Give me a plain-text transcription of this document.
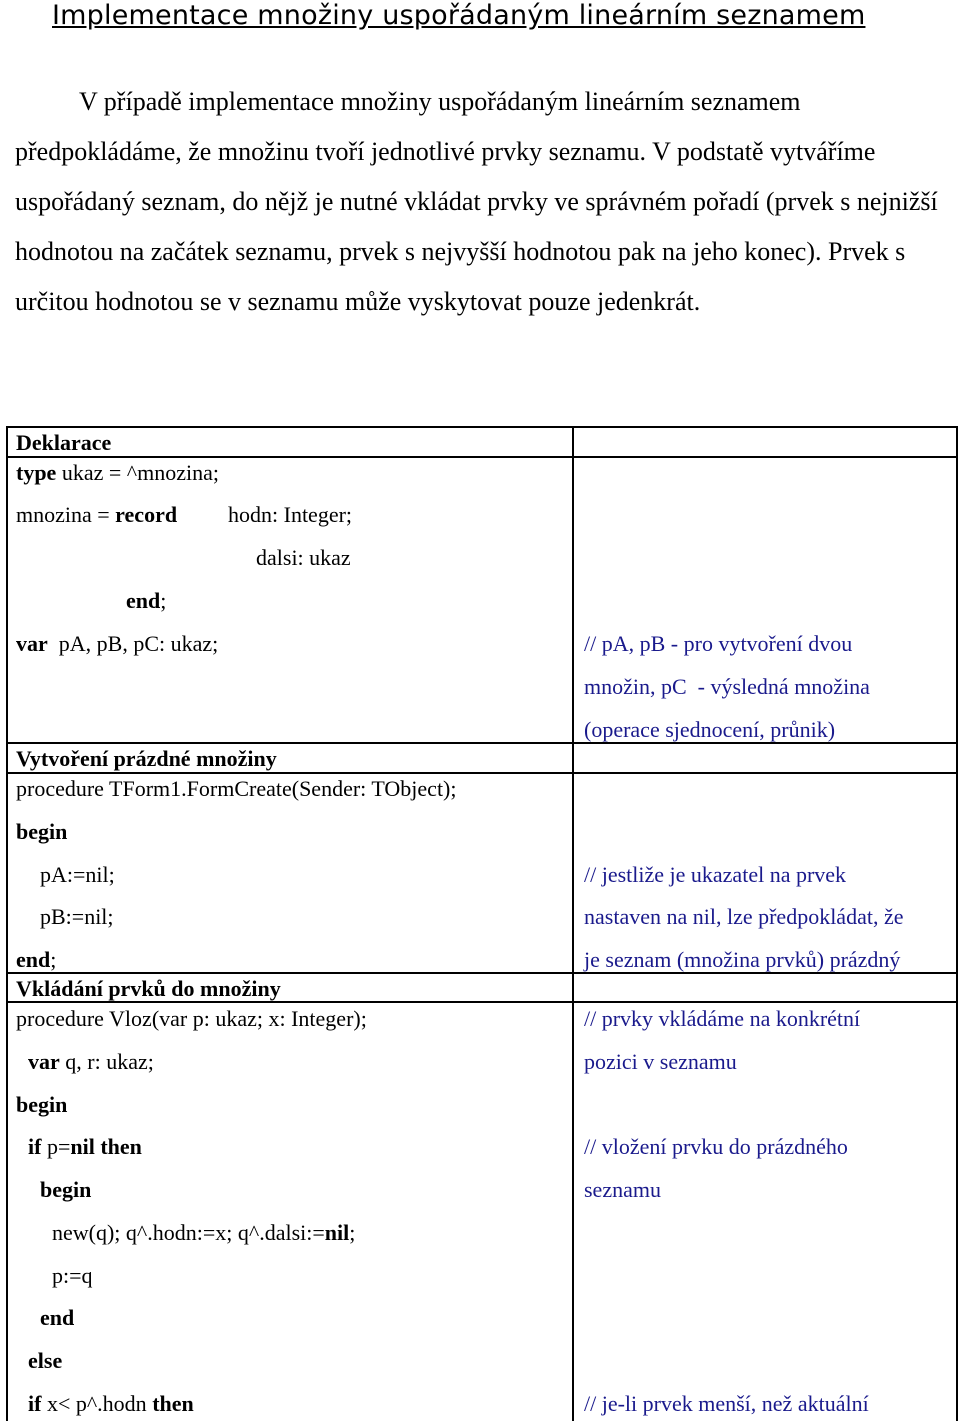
Implementace množiny uspořádaným lineárním seznamem

V případě implementace množiny uspořádaným lineárním seznamem předpokládáme, že množinu tvoří jednotlivé prvky seznamu. V podstatě vytváříme uspořádaný seznam, do nějž je nutné vkládat prvky ve správném pořadí (prvek s nejnižší hodnotou na začátek seznamu, prvek s nejvyšší hodnotou pak na jeho konec). Prvek s určitou hodnotou se v seznamu může vyskytovat pouze jedenkrát.

Deklarace
type ukaz = ^mnozina;
mnozina = record hodn: Integer;
dalsi: ukaz
end;
var  pA, pB, pC: ukaz;	// pA, pB - pro vytvoření dvou
množin, pC  - výsledná množina
(operace sjednocení, průnik)
Vytvoření prázdné množiny
procedure TForm1.FormCreate(Sender: TObject);
begin
pA:=nil;
pB:=nil;
end;
// jestliže je ukazatel na prvek
nastaven na nil, lze předpokládat, že
je seznam (množina prvků) prázdný
Vkládání prvků do množiny
procedure Vloz(var p: ukaz; x: Integer);
var q, r: ukaz;
begin
if p=nil then
begin
new(q); q^.hodn:=x; q^.dalsi:=nil;
p:=q
end
else
if x< p^.hodn then
// prvky vkládáme na konkrétní
pozici v seznamu
// vložení prvku do prázdného
seznamu
// je-li prvek menší, než aktuální
